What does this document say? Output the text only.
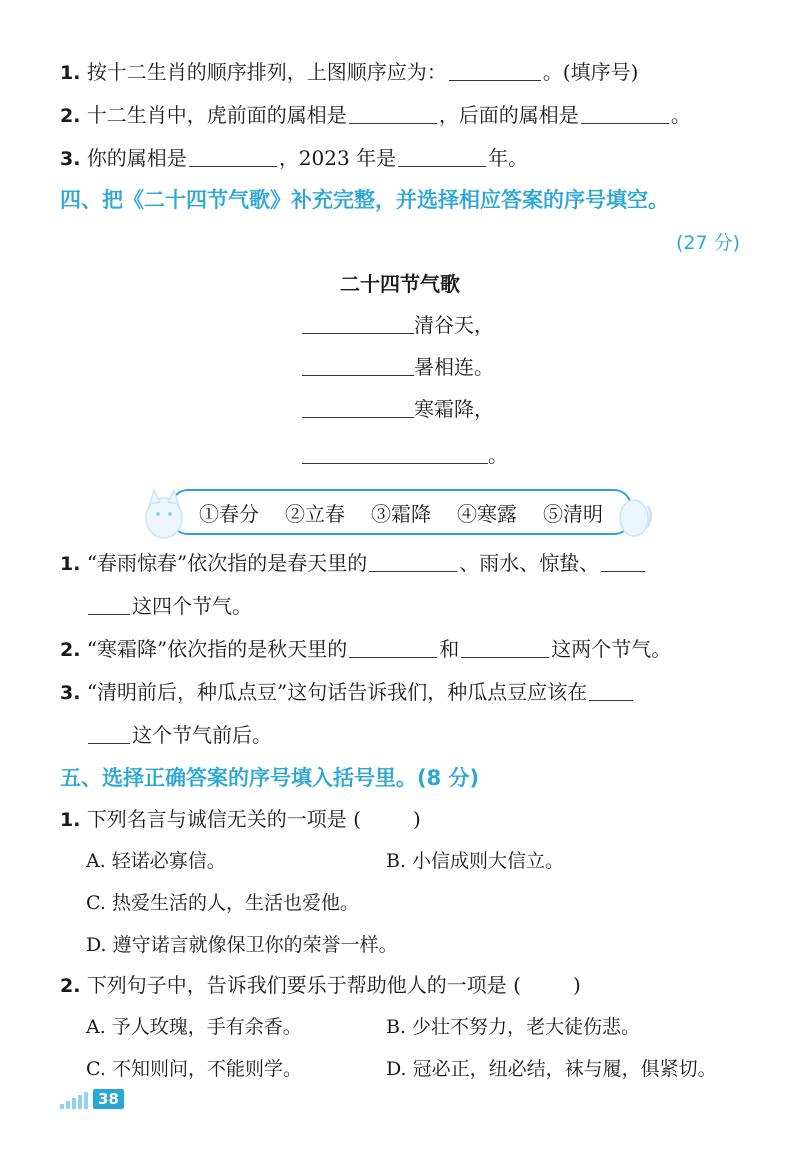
1. 按十二生肖的顺序排列，上图顺序应为：	。(填序号)
2. 十二生肖中，虎前面的属相是	，后面的属相是	。
3. 你的属相是	，2023 年是	年。
四、把《二十四节气歌》补充完整，并选择相应答案的序号填空。
(27 分)
二十四节气歌
清谷天，
暑相连。
寒霜降，
。
①春分 ②立春 ③霜降 ④寒露 ⑤清明
1. “春雨惊春”依次指的是春天里的	、雨水、惊蛰、
这四个节气。
2. “寒霜降”依次指的是秋天里的	和	这两个节气。
3. “清明前后，种瓜点豆”这句话告诉我们，种瓜点豆应该在
这个节气前后。
五、选择正确答案的序号填入括号里。(8 分)
1. 下列名言与诚信无关的一项是 (	)
A. 轻诺必寡信。	B. 小信成则大信立。
C. 热爱生活的人，生活也爱他。
D. 遵守诺言就像保卫你的荣誉一样。
2. 下列句子中，告诉我们要乐于帮助他人的一项是 (	)
A. 予人玫瑰，手有余香。	B. 少壮不努力，老大徒伤悲。
C. 不知则问，不能则学。	D. 冠必正，纽必结，袜与履，俱紧切。
38
